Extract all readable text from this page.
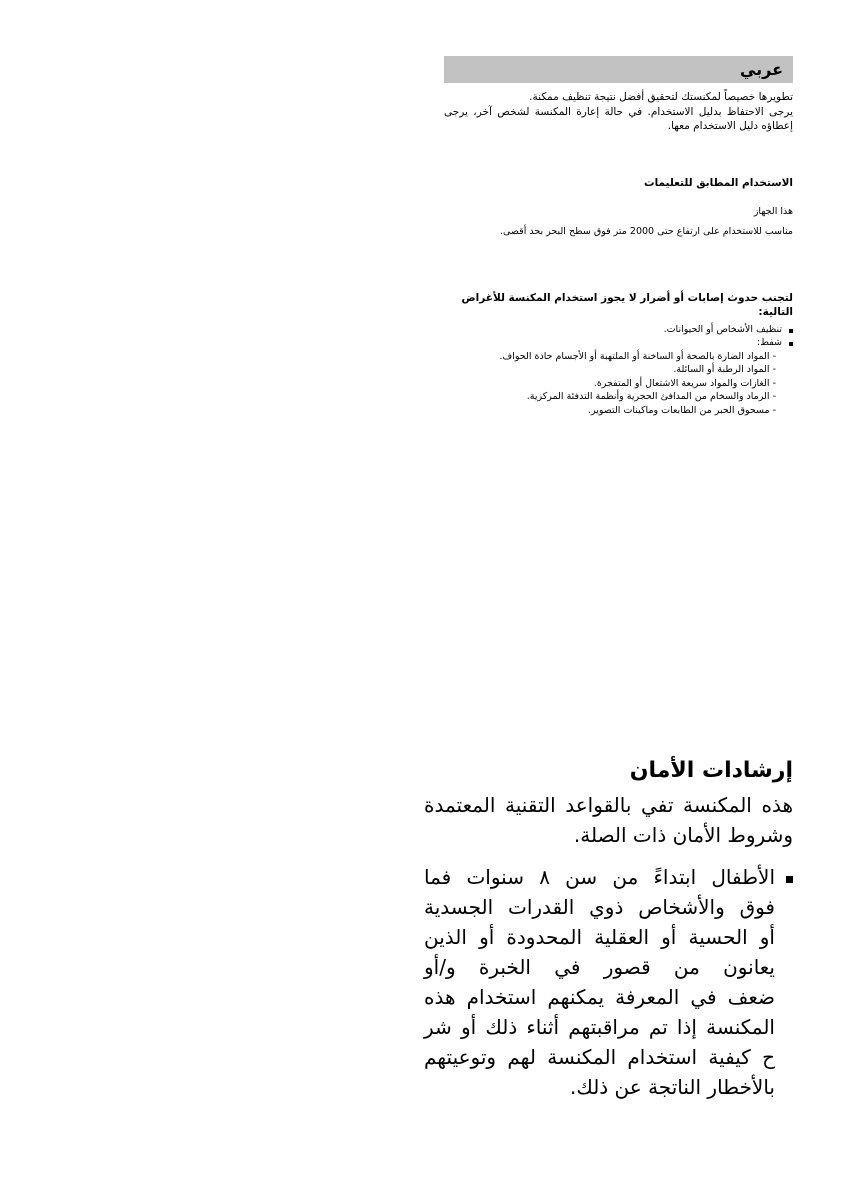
عربي

تطويرها خصيصاً لمكنستك لتحقيق أفضل نتيجة تنظيف ممكنة.

يرجى الاحتفاظ بدليل الاستخدام. في حالة إعارة المكنسة لشخص آخر، يرجى إعطاؤه دليل الاستخدام معها.

الاستخدام المطابق للتعليمات
هذا الجهاز
مناسب للاستخدام على ارتفاع حتى 2000 متر فوق سطح البحر بحد أقصى.
لتجنب حدوث إصابات أو أضرار لا يجوز استخدام المكنسة للأغراض التالية:
تنظيف الأشخاص أو الحيوانات.
شفط:
-المواد الضارة بالصحة أو الساخنة أو الملتهبة أو الأجسام حادة الحواف.
-المواد الرطبة أو السائلة.
-الغازات والمواد سريعة الاشتعال أو المتفجرة.
-الرماد والسخام من المدافئ الحجرية وأنظمة التدفئة المركزية.
-مسحوق الحبر من الطابعات وماكينات التصوير.
إرشادات الأمان
هذه المكنسة تفي بالقواعد التقنية المعتمدة
وشروط الأمان ذات الصلة.
الأطفال ابتداءً من سن ٨ سنوات فما
فوق والأشخاص ذوي القدرات الجسدية
أو الحسية أو العقلية المحدودة أو الذين
يعانون من قصور في الخبرة و/أو
ضعف في المعرفة يمكنهم استخدام هذه
المكنسة إذا تم مراقبتهم أثناء ذلك أو شر
ح كيفية استخدام المكنسة لهم وتوعيتهم
بالأخطار الناتجة عن ذلك.
